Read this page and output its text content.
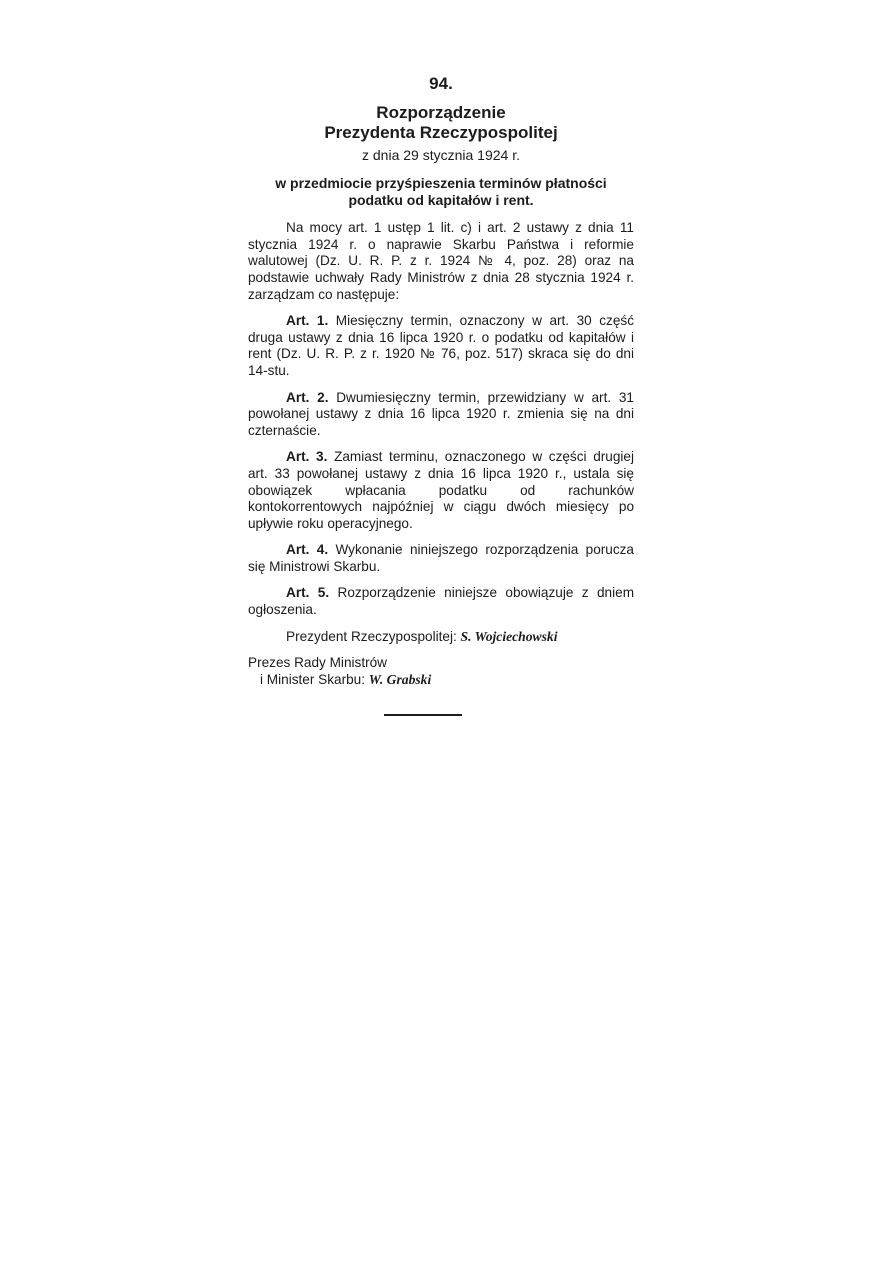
94.
Rozporządzenie
Prezydenta Rzeczypospolitej
z dnia 29 stycznia 1924 r.
w przedmiocie przyśpieszenia terminów płatności podatku od kapitałów i rent.

Na mocy art. 1 ustęp 1 lit. c) i art. 2 ustawy z dnia 11 stycznia 1924 r. o naprawie Skarbu Państwa i reformie walutowej (Dz. U. R. P. z r. 1924 № 4, poz. 28) oraz na podstawie uchwały Rady Ministrów z dnia 28 stycznia 1924 r. zarządzam co następuje:

Art. 1. Miesięczny termin, oznaczony w art. 30 część druga ustawy z dnia 16 lipca 1920 r. o podatku od kapitałów i rent (Dz. U. R. P. z r. 1920 № 76, poz. 517) skraca się do dni 14-stu.

Art. 2. Dwumiesięczny termin, przewidziany w art. 31 powołanej ustawy z dnia 16 lipca 1920 r. zmienia się na dni czternaście.

Art. 3. Zamiast terminu, oznaczonego w części drugiej art. 33 powołanej ustawy z dnia 16 lipca 1920 r., ustala się obowiązek wpłacania podatku od rachunków kontokorrentowych najpóźniej w ciągu dwóch miesięcy po upływie roku operacyjnego.

Art. 4. Wykonanie niniejszego rozporządzenia porucza się Ministrowi Skarbu.

Art. 5. Rozporządzenie niniejsze obowiązuje z dniem ogłoszenia.

Prezydent Rzeczypospolitej: S. Wojciechowski
Prezes Rady Ministrów
i Minister Skarbu: W. Grabski
